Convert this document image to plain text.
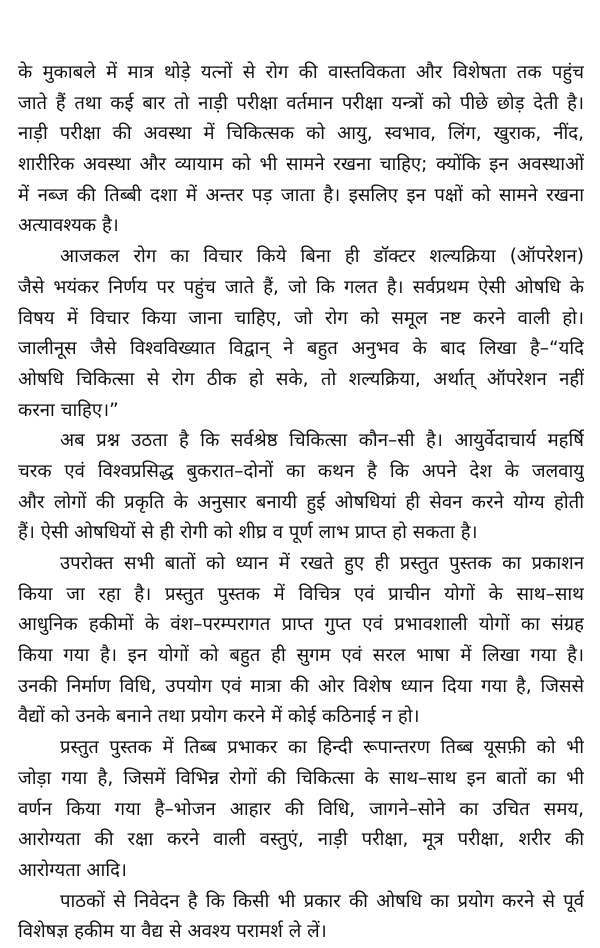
के मुकाबले में मात्र थोड़े यत्नों से रोग की वास्तविकता और विशेषता तक पहुंच
जाते हैं तथा कई बार तो नाड़ी परीक्षा वर्तमान परीक्षा यन्त्रों को पीछे छोड़ देती है।
नाड़ी परीक्षा की अवस्था में चिकित्सक को आयु, स्वभाव, लिंग, खुराक, नींद,
शारीरिक अवस्था और व्यायाम को भी सामने रखना चाहिए; क्योंकि इन अवस्थाओं
में नब्ज की तिब्बी दशा में अन्तर पड़ जाता है। इसलिए इन पक्षों को सामने रखना
अत्यावश्यक है।
आजकल रोग का विचार किये बिना ही डॉक्टर शल्यक्रिया (ऑपरेशन)
जैसे भयंकर निर्णय पर पहुंच जाते हैं, जो कि गलत है। सर्वप्रथम ऐसी ओषधि के
विषय में विचार किया जाना चाहिए, जो रोग को समूल नष्ट करने वाली हो।
जालीनूस जैसे विश्वविख्यात विद्वान् ने बहुत अनुभव के बाद लिखा है–“यदि
ओषधि चिकित्सा से रोग ठीक हो सके, तो शल्यक्रिया, अर्थात् ऑपरेशन नहीं
करना चाहिए।”
अब प्रश्न उठता है कि सर्वश्रेष्ठ चिकित्सा कौन–सी है। आयुर्वेदाचार्य महर्षि
चरक एवं विश्वप्रसिद्ध बुकरात–दोनों का कथन है कि अपने देश के जलवायु
और लोगों की प्रकृति के अनुसार बनायी हुई ओषधियां ही सेवन करने योग्य होती
हैं। ऐसी ओषधियों से ही रोगी को शीघ्र व पूर्ण लाभ प्राप्त हो सकता है।
उपरोक्त सभी बातों को ध्यान में रखते हुए ही प्रस्तुत पुस्तक का प्रकाशन
किया जा रहा है। प्रस्तुत पुस्तक में विचित्र एवं प्राचीन योगों के साथ–साथ
आधुनिक हकीमों के वंश–परम्परागत प्राप्त गुप्त एवं प्रभावशाली योगों का संग्रह
किया गया है। इन योगों को बहुत ही सुगम एवं सरल भाषा में लिखा गया है।
उनकी निर्माण विधि, उपयोग एवं मात्रा की ओर विशेष ध्यान दिया गया है, जिससे
वैद्यों को उनके बनाने तथा प्रयोग करने में कोई कठिनाई न हो।
प्रस्तुत पुस्तक में तिब्ब प्रभाकर का हिन्दी रूपान्तरण तिब्ब यूसफ़ी को भी
जोड़ा गया है, जिसमें विभिन्न रोगों की चिकित्सा के साथ–साथ इन बातों का भी
वर्णन किया गया है–भोजन आहार की विधि, जागने–सोने का उचित समय,
आरोग्यता की रक्षा करने वाली वस्तुएं, नाड़ी परीक्षा, मूत्र परीक्षा, शरीर की
आरोग्यता आदि।
पाठकों से निवेदन है कि किसी भी प्रकार की ओषधि का प्रयोग करने से पूर्व
विशेषज्ञ हकीम या वैद्य से अवश्य परामर्श ले लें।
